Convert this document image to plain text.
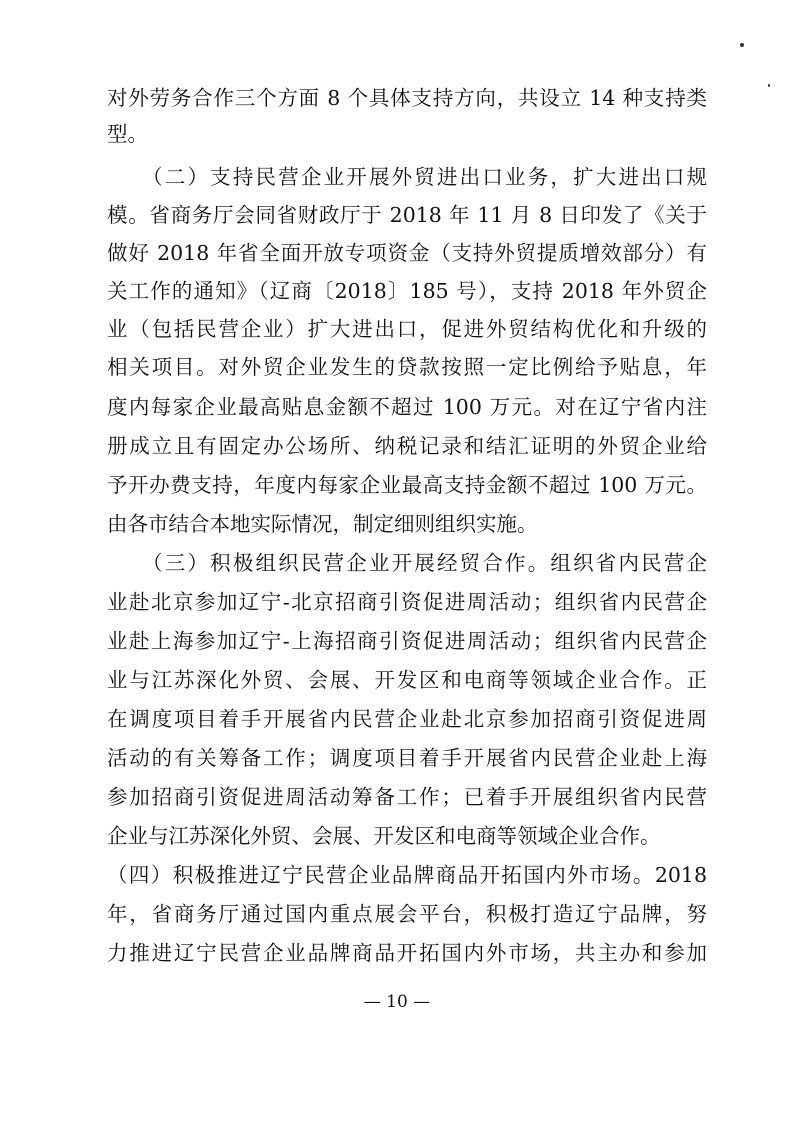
对外劳务合作三个方面 8 个具体支持方向，共设立 14 种支持类
型。
　　（二）支持民营企业开展外贸进出口业务，扩大进出口规
模。省商务厅会同省财政厅于 2018 年 11 月 8 日印发了《关于
做好 2018 年省全面开放专项资金（支持外贸提质增效部分）有
关工作的通知》（辽商〔2018〕185 号），支持 2018 年外贸企
业（包括民营企业）扩大进出口，促进外贸结构优化和升级的
相关项目。对外贸企业发生的贷款按照一定比例给予贴息，年
度内每家企业最高贴息金额不超过 100 万元。对在辽宁省内注
册成立且有固定办公场所、纳税记录和结汇证明的外贸企业给
予开办费支持，年度内每家企业最高支持金额不超过 100 万元。
由各市结合本地实际情况，制定细则组织实施。
　　（三）积极组织民营企业开展经贸合作。组织省内民营企
业赴北京参加辽宁-北京招商引资促进周活动；组织省内民营企
业赴上海参加辽宁-上海招商引资促进周活动；组织省内民营企
业与江苏深化外贸、会展、开发区和电商等领域企业合作。正
在调度项目着手开展省内民营企业赴北京参加招商引资促进周
活动的有关筹备工作；调度项目着手开展省内民营企业赴上海
参加招商引资促进周活动筹备工作；已着手开展组织省内民营
企业与江苏深化外贸、会展、开发区和电商等领域企业合作。
（四）积极推进辽宁民营企业品牌商品开拓国内外市场。2018
年，省商务厅通过国内重点展会平台，积极打造辽宁品牌，努
力推进辽宁民营企业品牌商品开拓国内外市场，共主办和参加
— 10 —
